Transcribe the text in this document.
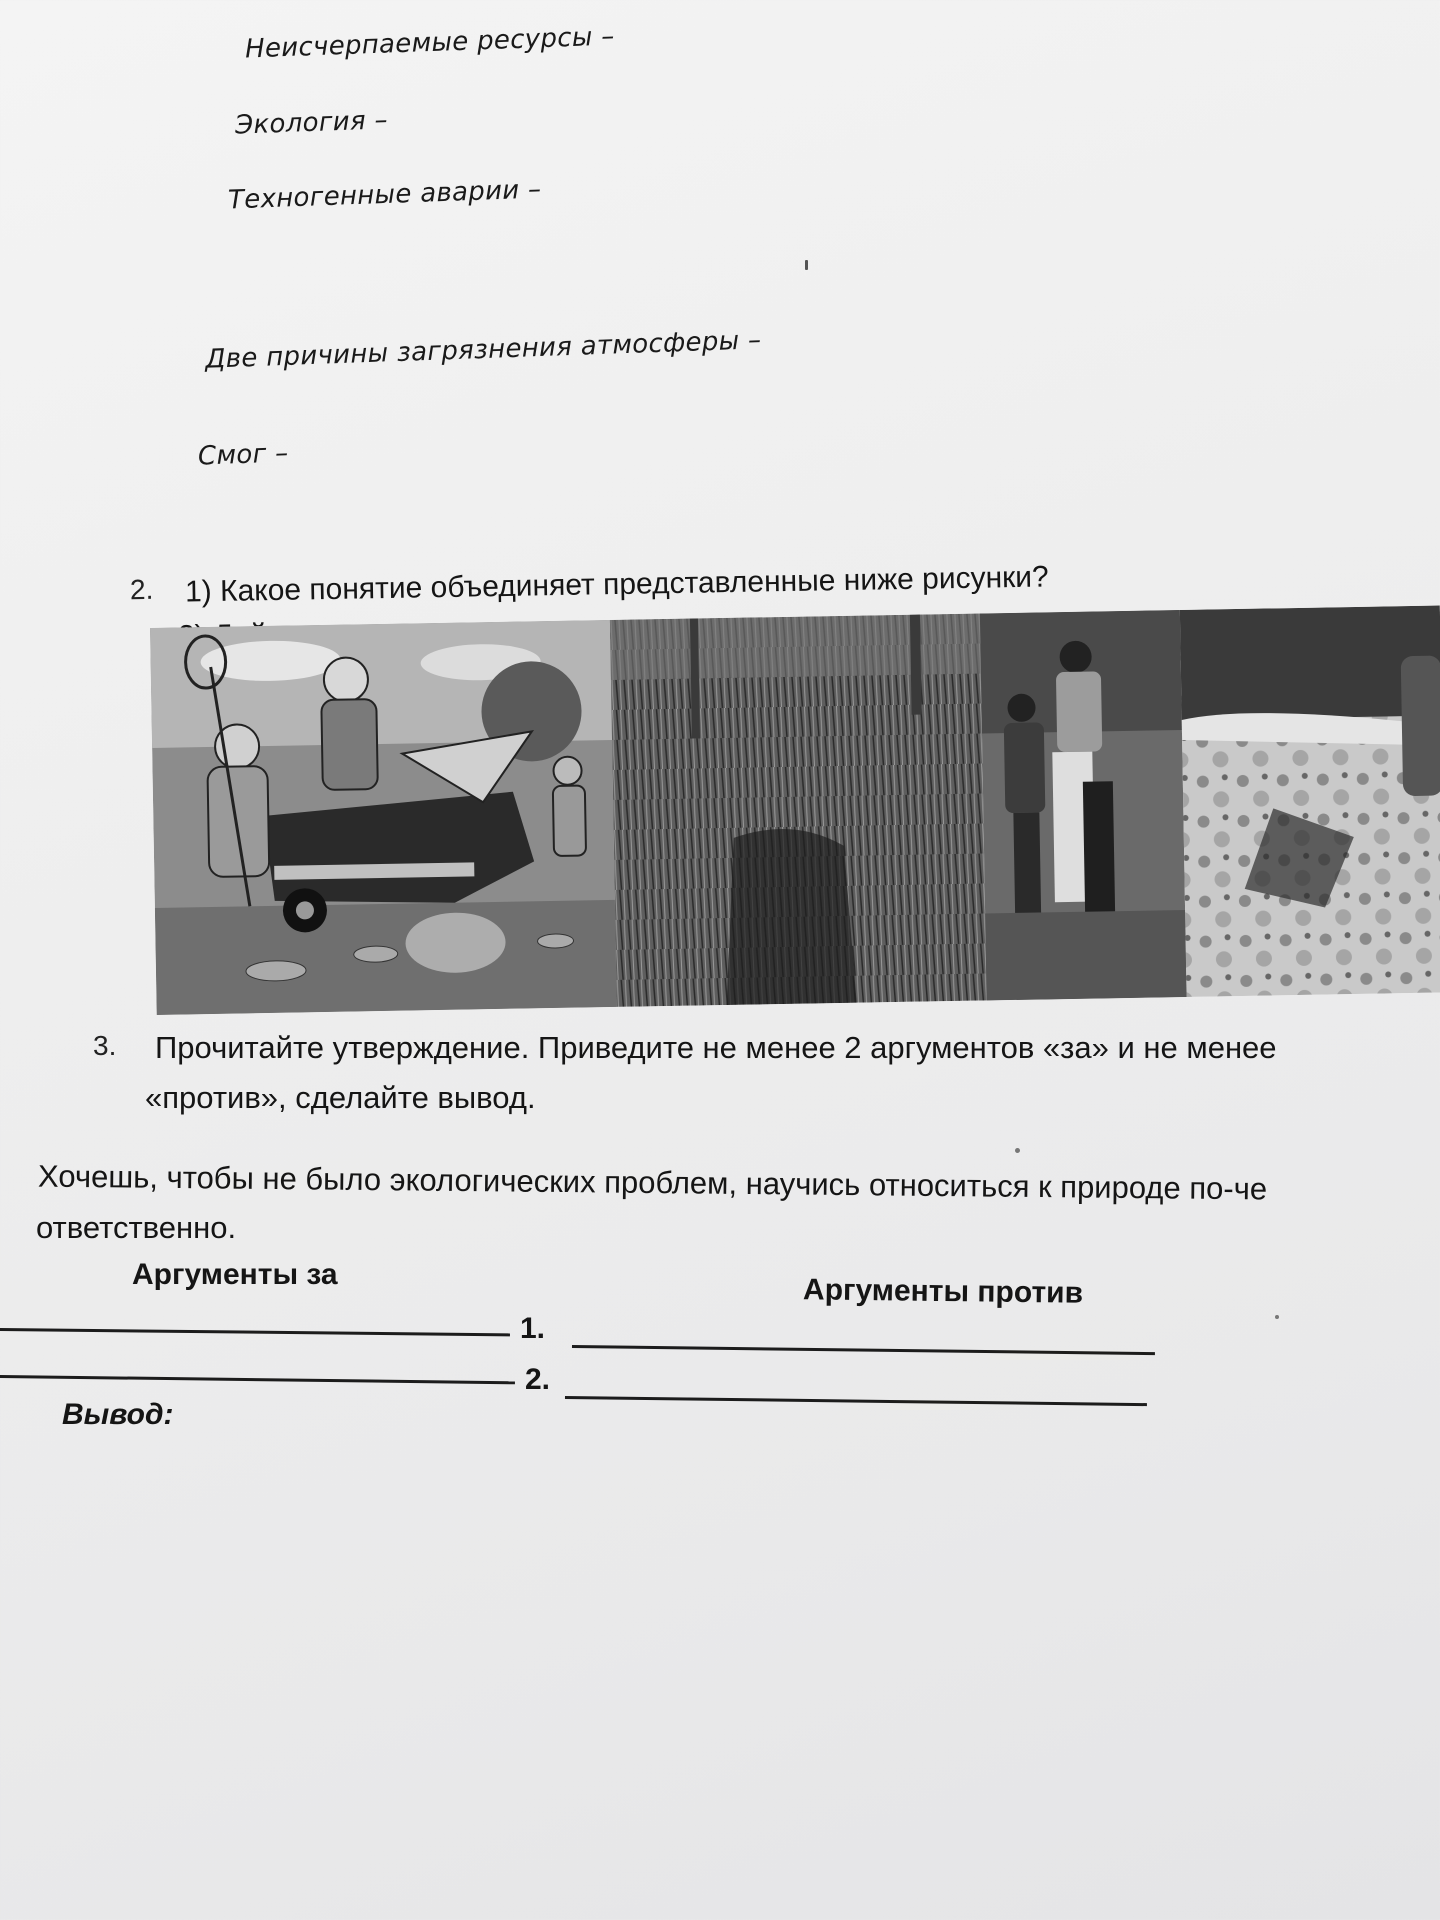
Неисчерпаемые ресурсы –
Экология –
Техногенные аварии –
Две причины загрязнения атмосферы –
Смог –
2. 1) Какое понятие объединяет представленные ниже рисунки?
3. Прочитайте утверждение. Приведите не менее 2 аргументов «за» и не менее
«против», сделайте вывод.
Хочешь, чтобы не было экологических проблем, научись относиться к природе по-че
ответственно.
Аргументы за	Аргументы против
1.
2.
Вывод:
